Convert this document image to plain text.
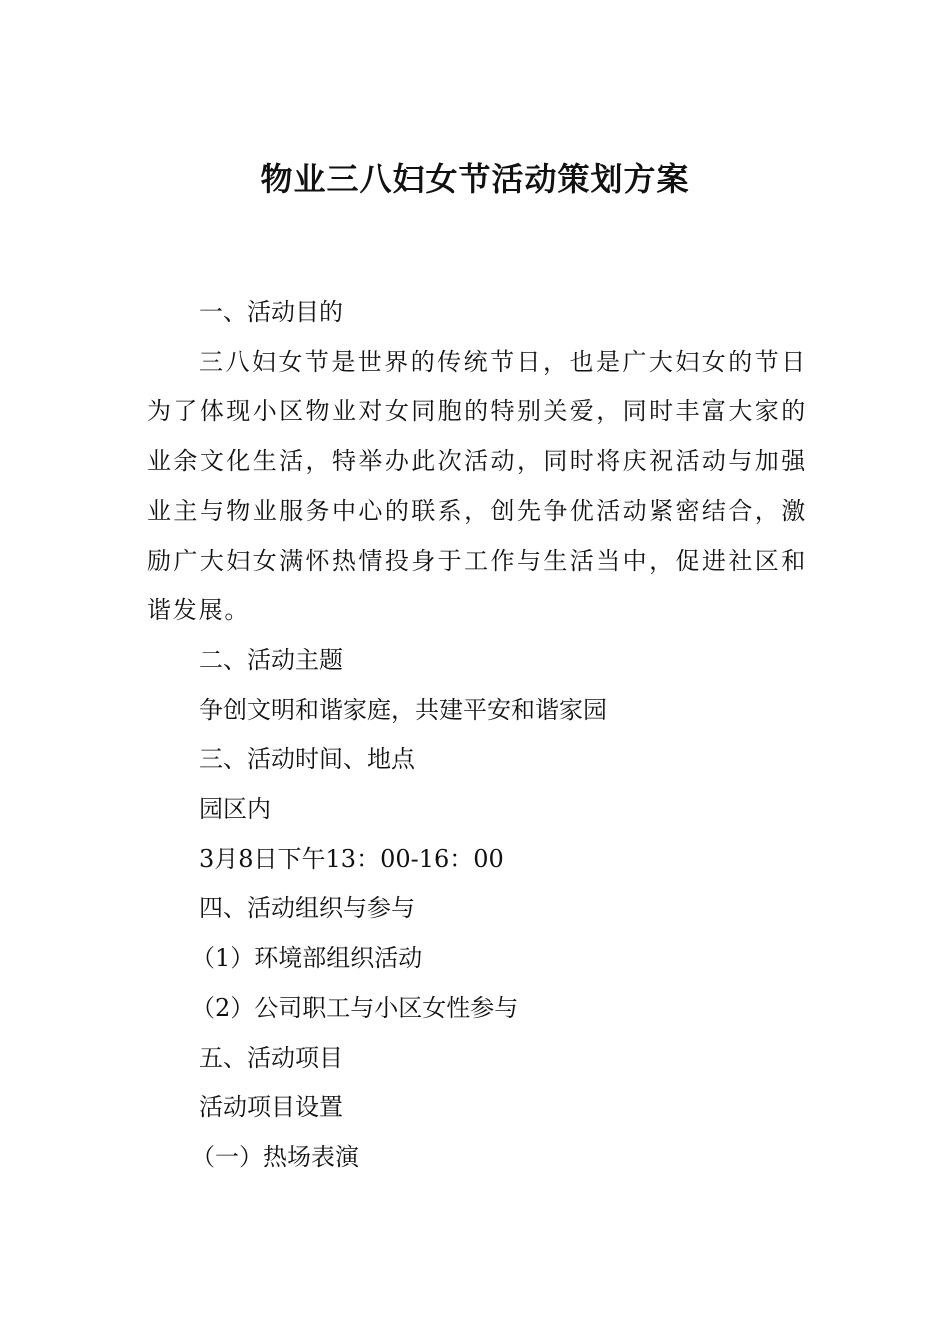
物业三八妇女节活动策划方案

一、活动目的

三八妇女节是世界的传统节日，也是广大妇女的节日为了体现小区物业对女同胞的特别关爱，同时丰富大家的业余文化生活，特举办此次活动，同时将庆祝活动与加强业主与物业服务中心的联系，创先争优活动紧密结合，激励广大妇女满怀热情投身于工作与生活当中，促进社区和谐发展。

二、活动主题

争创文明和谐家庭，共建平安和谐家园

三、活动时间、地点

园区内

3月8日下午13：00-16：00

四、活动组织与参与

（1）环境部组织活动

（2）公司职工与小区女性参与

五、活动项目

活动项目设置

（一）热场表演
